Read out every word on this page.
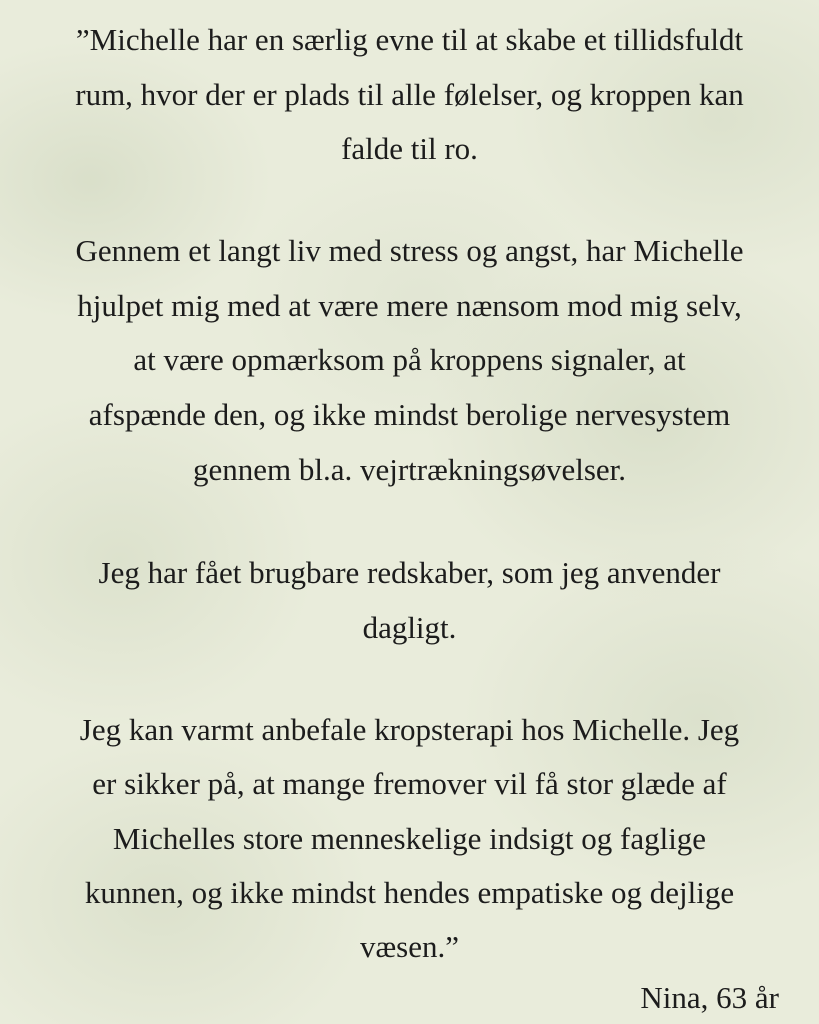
”Michelle har en særlig evne til at skabe et tillidsfuldt
rum, hvor der er plads til alle følelser, og kroppen kan
falde til ro.
Gennem et langt liv med stress og angst, har Michelle
hjulpet mig med at være mere nænsom mod mig selv,
at være opmærksom på kroppens signaler, at
afspænde den, og ikke mindst berolige nervesystem
gennem bl.a. vejrtrækningsøvelser.
Jeg har fået brugbare redskaber, som jeg anvender
dagligt.
Jeg kan varmt anbefale kropsterapi hos Michelle. Jeg
er sikker på, at mange fremover vil få stor glæde af
Michelles store menneskelige indsigt og faglige
kunnen, og ikke mindst hendes empatiske og dejlige
væsen.”
Nina, 63 år
